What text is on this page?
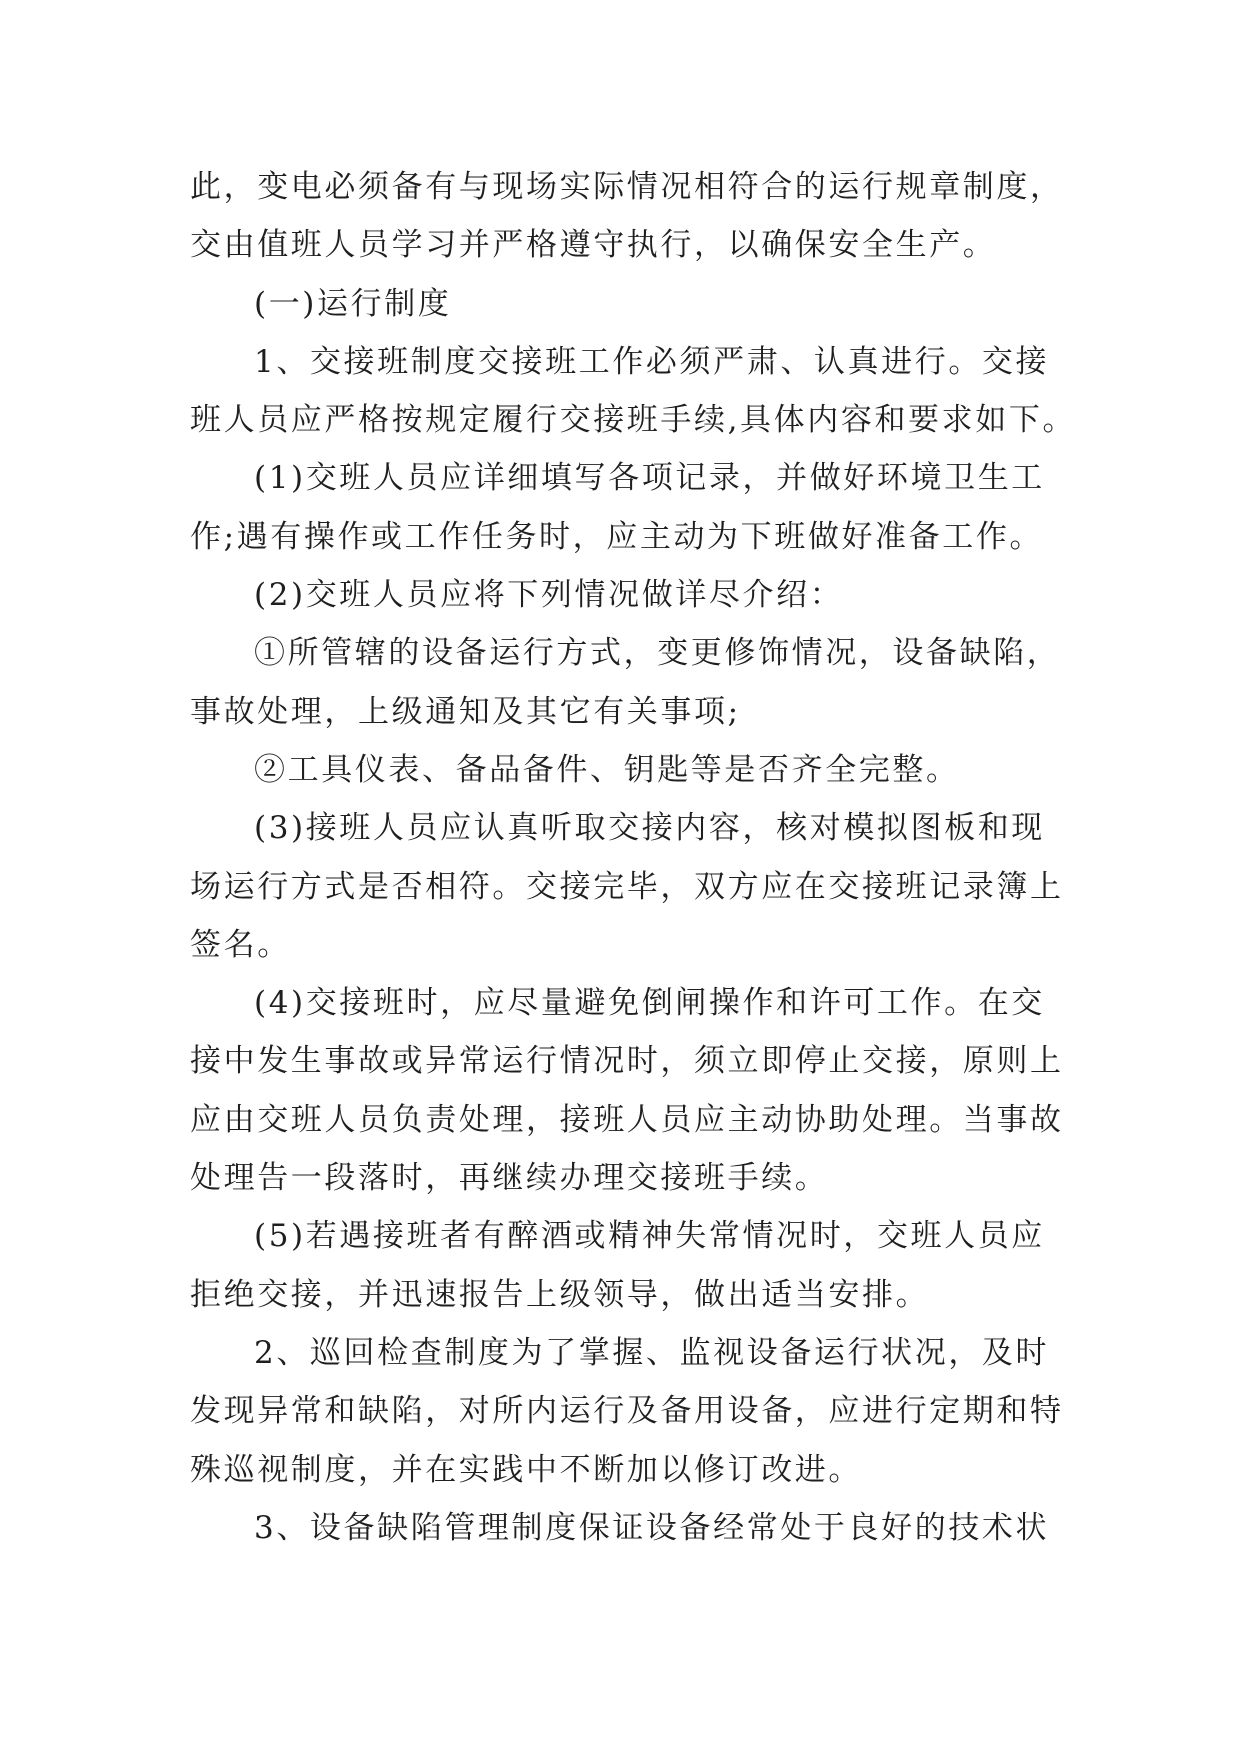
此，变电必须备有与现场实际情况相符合的运行规章制度，
交由值班人员学习并严格遵守执行，以确保安全生产。
(一)运行制度
1、交接班制度交接班工作必须严肃、认真进行。交接
班人员应严格按规定履行交接班手续,具体内容和要求如下。
(1)交班人员应详细填写各项记录，并做好环境卫生工
作;遇有操作或工作任务时，应主动为下班做好准备工作。
(2)交班人员应将下列情况做详尽介绍：
①所管辖的设备运行方式，变更修饰情况，设备缺陷，
事故处理，上级通知及其它有关事项;
②工具仪表、备品备件、钥匙等是否齐全完整。
(3)接班人员应认真听取交接内容，核对模拟图板和现
场运行方式是否相符。交接完毕，双方应在交接班记录簿上
签名。
(4)交接班时，应尽量避免倒闸操作和许可工作。在交
接中发生事故或异常运行情况时，须立即停止交接，原则上
应由交班人员负责处理，接班人员应主动协助处理。当事故
处理告一段落时，再继续办理交接班手续。
(5)若遇接班者有醉酒或精神失常情况时，交班人员应
拒绝交接，并迅速报告上级领导，做出适当安排。
2、巡回检查制度为了掌握、监视设备运行状况，及时
发现异常和缺陷，对所内运行及备用设备，应进行定期和特
殊巡视制度，并在实践中不断加以修订改进。
3、设备缺陷管理制度保证设备经常处于良好的技术状
